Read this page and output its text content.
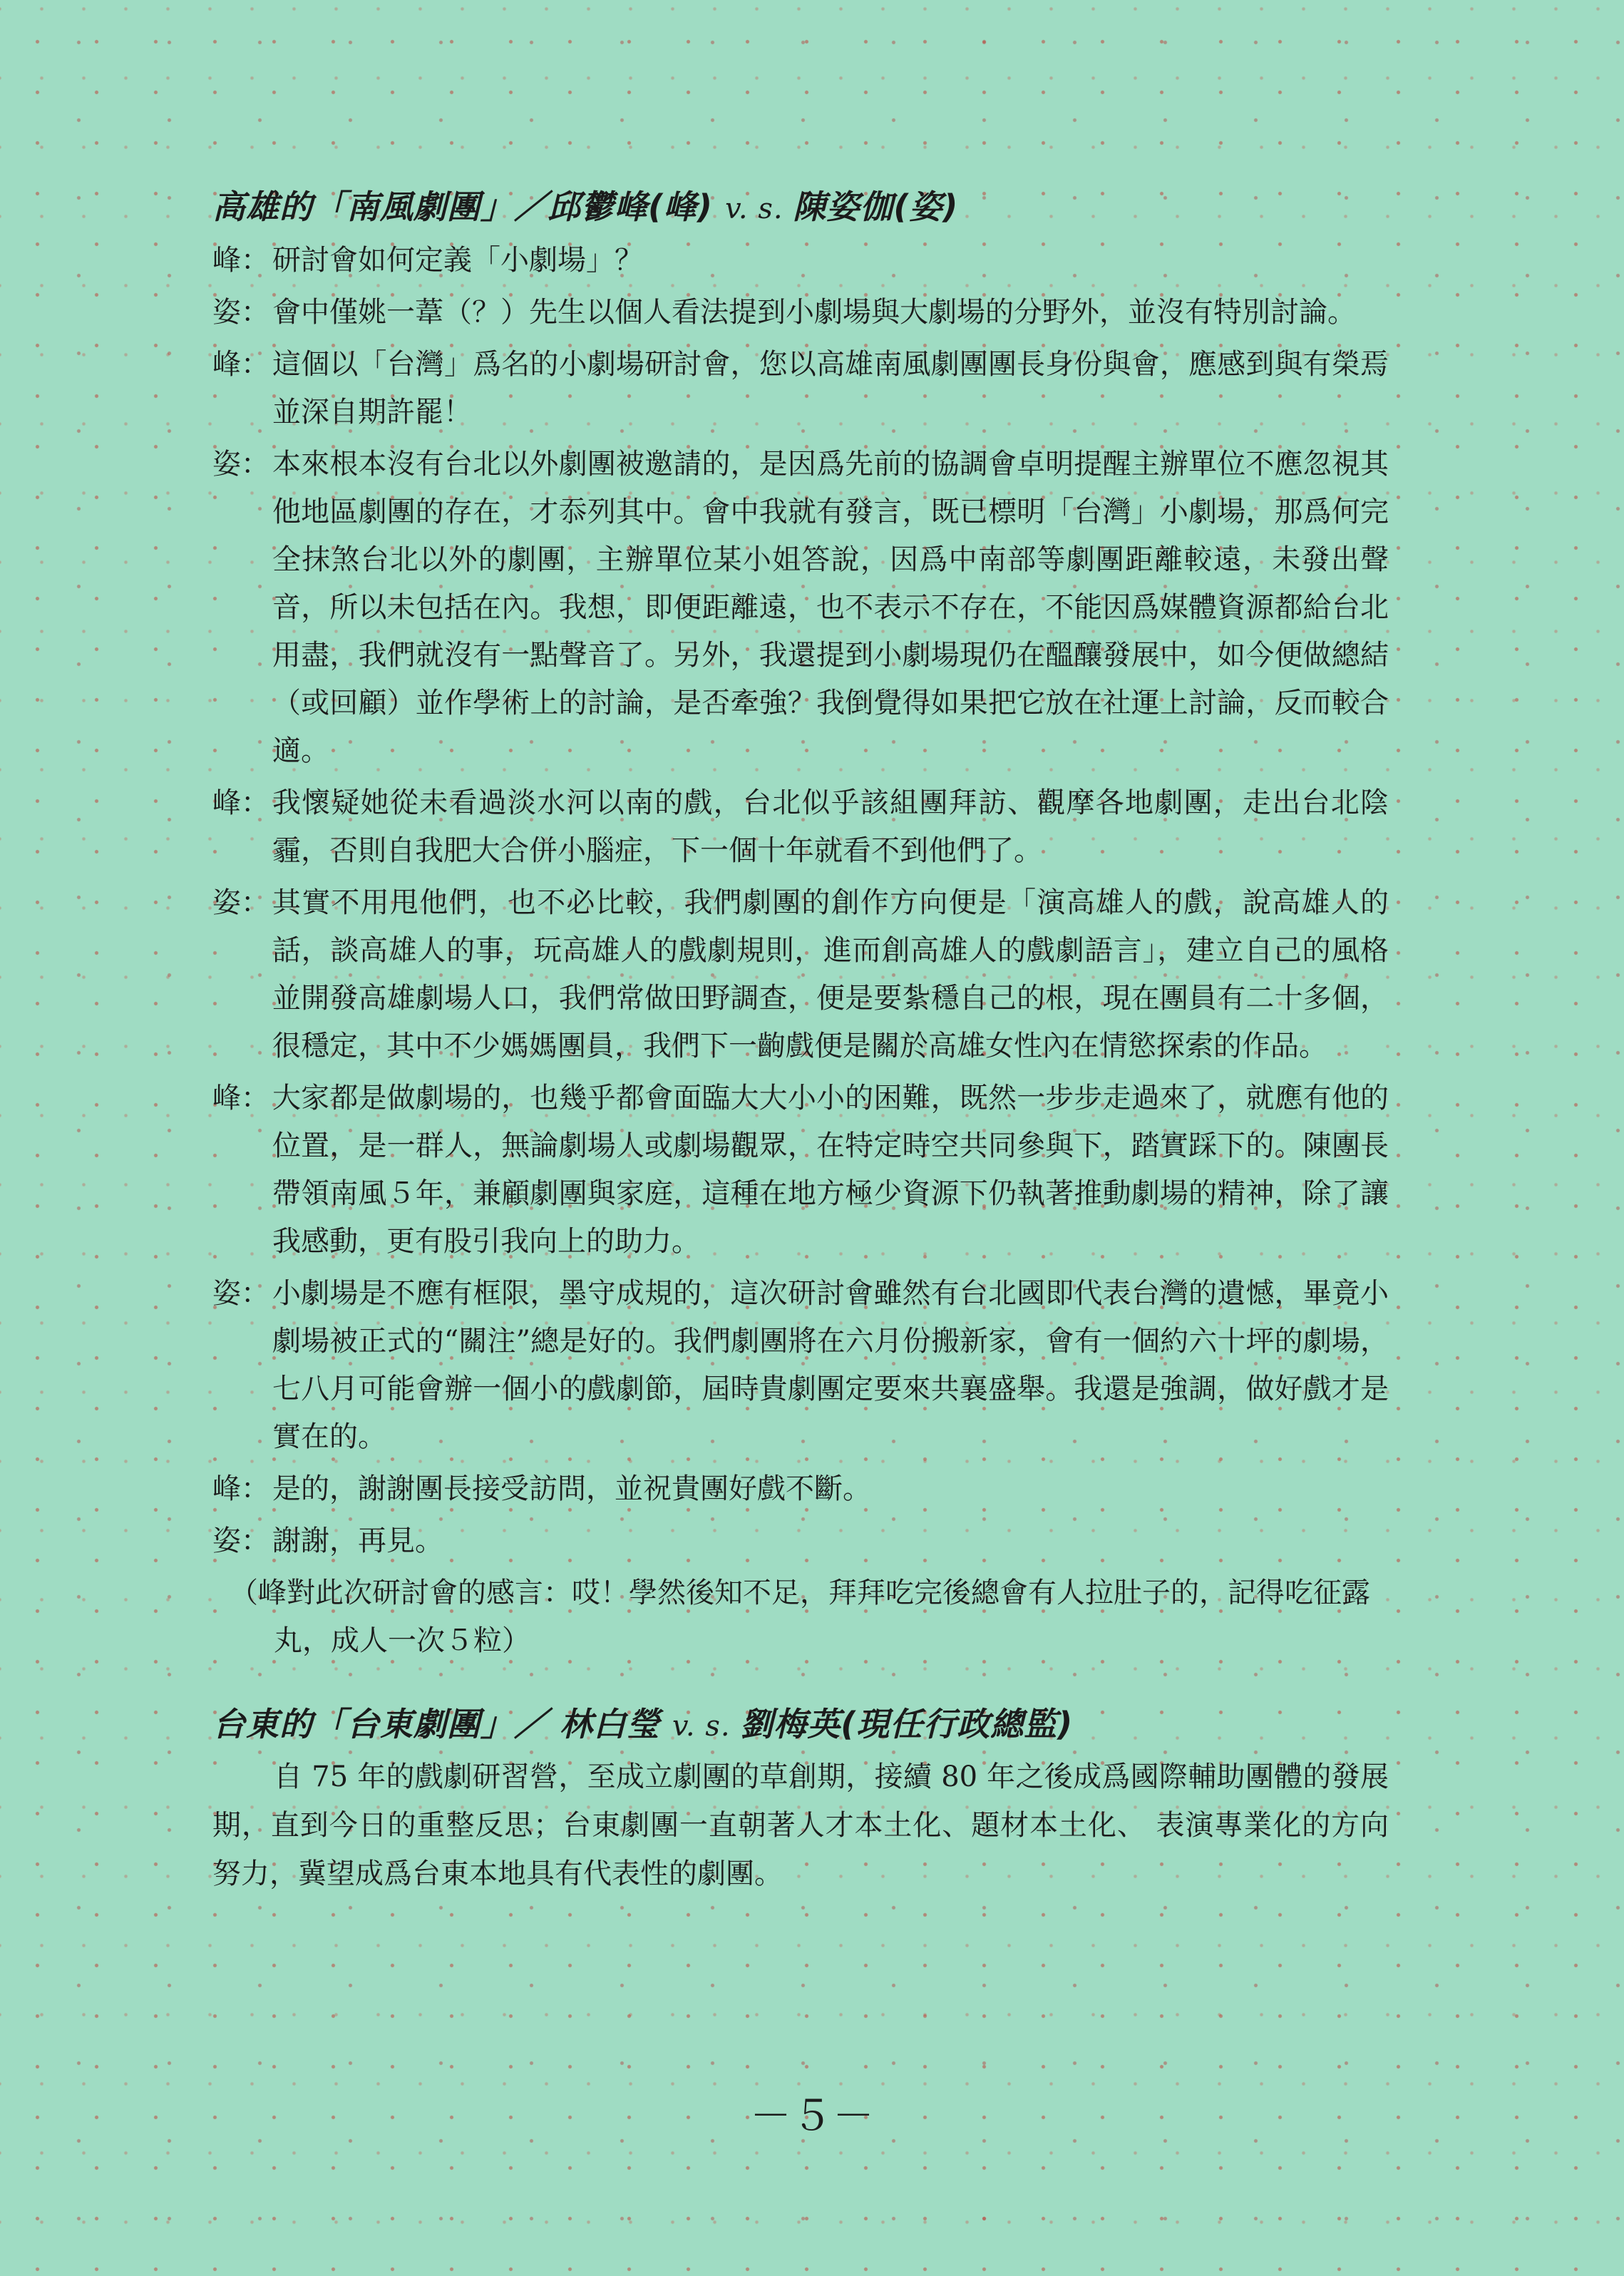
高雄的「南風劇團」／邱鬱峰(峰) v. s. 陳姿伽(姿)
峰 ：	研討會如何定義「小劇場」？
姿 ：	會中僅姚一葦（？）先生以個人看法提到小劇場與大劇場的分野外，並沒有特別討論。
峰 ：	這個以「台灣」爲名的小劇場研討會，您以高雄南風劇團團長身份與會，應感到與有榮焉並深自期許罷！
姿 ：	本來根本沒有台北以外劇團被邀請的，是因爲先前的協調會卓明提醒主辦單位不應忽視其他地區劇團的存在，才忝列其中。會中我就有發言，既已標明「台灣」小劇場，那爲何完全抹煞台北以外的劇團，主辦單位某小姐答說，因爲中南部等劇團距離較遠，未發出聲音，所以未包括在內。我想，即便距離遠，也不表示不存在，不能因爲媒體資源都給台北用盡，我們就沒有一點聲音了。另外，我還提到小劇場現仍在醞釀發展中，如今便做總結（或回顧）並作學術上的討論，是否牽強？我倒覺得如果把它放在社運上討論，反而較合適。
峰 ：	我懷疑她從未看過淡水河以南的戲，台北似乎該組團拜訪、觀摩各地劇團，走出台北陰霾，否則自我肥大合併小腦症，下一個十年就看不到他們了。
姿 ：	其實不用甩他們，也不必比較，我們劇團的創作方向便是「演高雄人的戲，說高雄人的話，談高雄人的事，玩高雄人的戲劇規則，進而創高雄人的戲劇語言」，建立自己的風格並開發高雄劇場人口，我們常做田野調查，便是要紮穩自己的根，現在團員有二十多個，很穩定，其中不少媽媽團員，我們下一齣戲便是關於高雄女性內在情慾探索的作品。
峰 ：	大家都是做劇場的，也幾乎都會面臨大大小小的困難，既然一步步走過來了，就應有他的位置，是一群人，無論劇場人或劇場觀眾，在特定時空共同參與下，踏實踩下的。陳團長帶領南風５年，兼顧劇團與家庭，這種在地方極少資源下仍執著推動劇場的精神，除了讓我感動，更有股引我向上的助力。
姿 ：	小劇場是不應有框限，墨守成規的，這次研討會雖然有台北國即代表台灣的遺憾，畢竟小劇場被正式的“關注”總是好的。我們劇團將在六月份搬新家，會有一個約六十坪的劇場，七八月可能會辦一個小的戲劇節，屆時貴劇團定要來共襄盛舉。我還是強調，做好戲才是實在的。
峰 ：	是的，謝謝團長接受訪問，並祝貴團好戲不斷。
姿 ：	謝謝，再見。
（峰對此次研討會的感言：哎！學然後知不足，拜拜吃完後總會有人拉肚子的，記得吃征露丸，成人一次５粒）
台東的「台東劇團」／ 林白瑩 v. s. 劉梅英(現任行政總監)

自 75 年的戲劇研習營，至成立劇團的草創期，接續 80 年之後成爲國際輔助團體的發展期，直到今日的重整反思；台東劇團一直朝著人才本土化、題材本土化、 表演專業化的方向努力，冀望成爲台東本地具有代表性的劇團。

－５－
